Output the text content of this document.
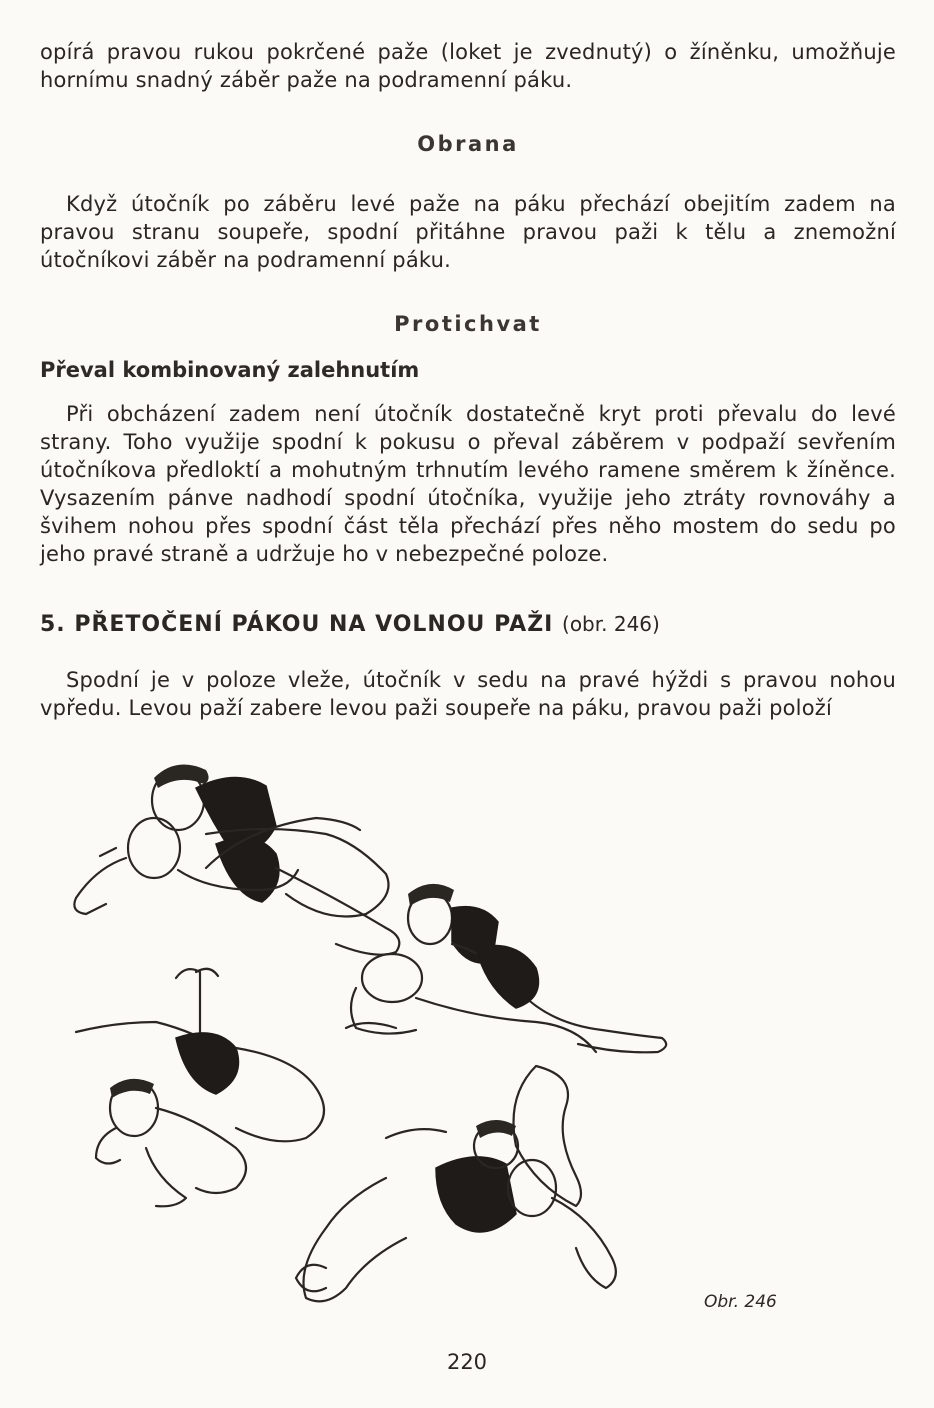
opírá pravou rukou pokrčené paže (loket je zvednutý) o žíněnku, umožňuje hornímu snadný záběr paže na podramenní páku.

Obrana

Když útočník po záběru levé paže na páku přechází obejitím zadem na pravou stranu soupeře, spodní přitáhne pravou paži k tělu a znemožní útočníkovi záběr na podramenní páku.

Protichvat
Převal kombinovaný zalehnutím

Při obcházení zadem není útočník dostatečně kryt proti převalu do levé strany. Toho využije spodní k pokusu o převal záběrem v podpaží sevřením útočníkova předloktí a mohutným trhnutím levého ramene směrem k žíněnce. Vysazením pánve nadhodí spodní útočníka, využije jeho ztráty rovnováhy a švihem nohou přes spodní část těla přechází přes něho mostem do sedu po jeho pravé straně a udržuje ho v nebezpečné poloze.

5. PŘETOČENÍ PÁKOU NA VOLNOU PAŽI (obr. 246)

Spodní je v poloze vleže, útočník v sedu na pravé hýždi s pravou nohou vpředu. Levou paží zabere levou paži soupeře na páku, pravou paži položí

Obr. 246
220
